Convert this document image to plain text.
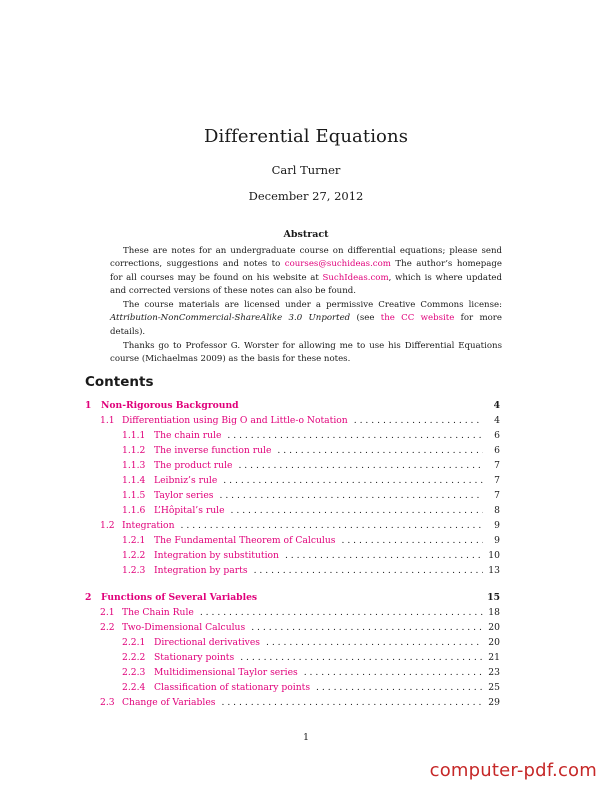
Differential Equations
Carl Turner
December 27, 2012
Abstract

These are notes for an undergraduate course on differential equations; please send corrections, suggestions and notes to courses@suchideas.com The author’s homepage for all courses may be found on his website at SuchIdeas.com, which is where updated and corrected versions of these notes can also be found.

The course materials are licensed under a permissive Creative Commons license: Attribution-NonCommercial-ShareAlike 3.0 Unported (see the CC website for more details).

Thanks go to Professor G. Worster for allowing me to use his Differential Equations course (Michaelmas 2009) as the basis for these notes.

Contents
1	Non-Rigorous Background	4
1.1 Differentiation using Big O and Little-o Notation . . .	4
1.1.1 The chain rule . . .	6
1.1.2 The inverse function rule . . .	6
1.1.3 The product rule . . .	7
1.1.4 Leibniz’s rule . . .	7
1.1.5 Taylor series . . .	7
1.1.6 L’Hôpital’s rule . . .	8
1.2 Integration . . .	9
1.2.1 The Fundamental Theorem of Calculus . . .	9
1.2.2 Integration by substitution . . .	10
1.2.3 Integration by parts . . .	13
2	Functions of Several Variables	15
2.1 The Chain Rule . . .	18
2.2 Two-Dimensional Calculus . . .	20
2.2.1 Directional derivatives . . .	20
2.2.2 Stationary points . . .	21
2.2.3 Multidimensional Taylor series . . .	23
2.2.4 Classification of stationary points . . .	25
2.3 Change of Variables . . .	29
1
computer-pdf.com
